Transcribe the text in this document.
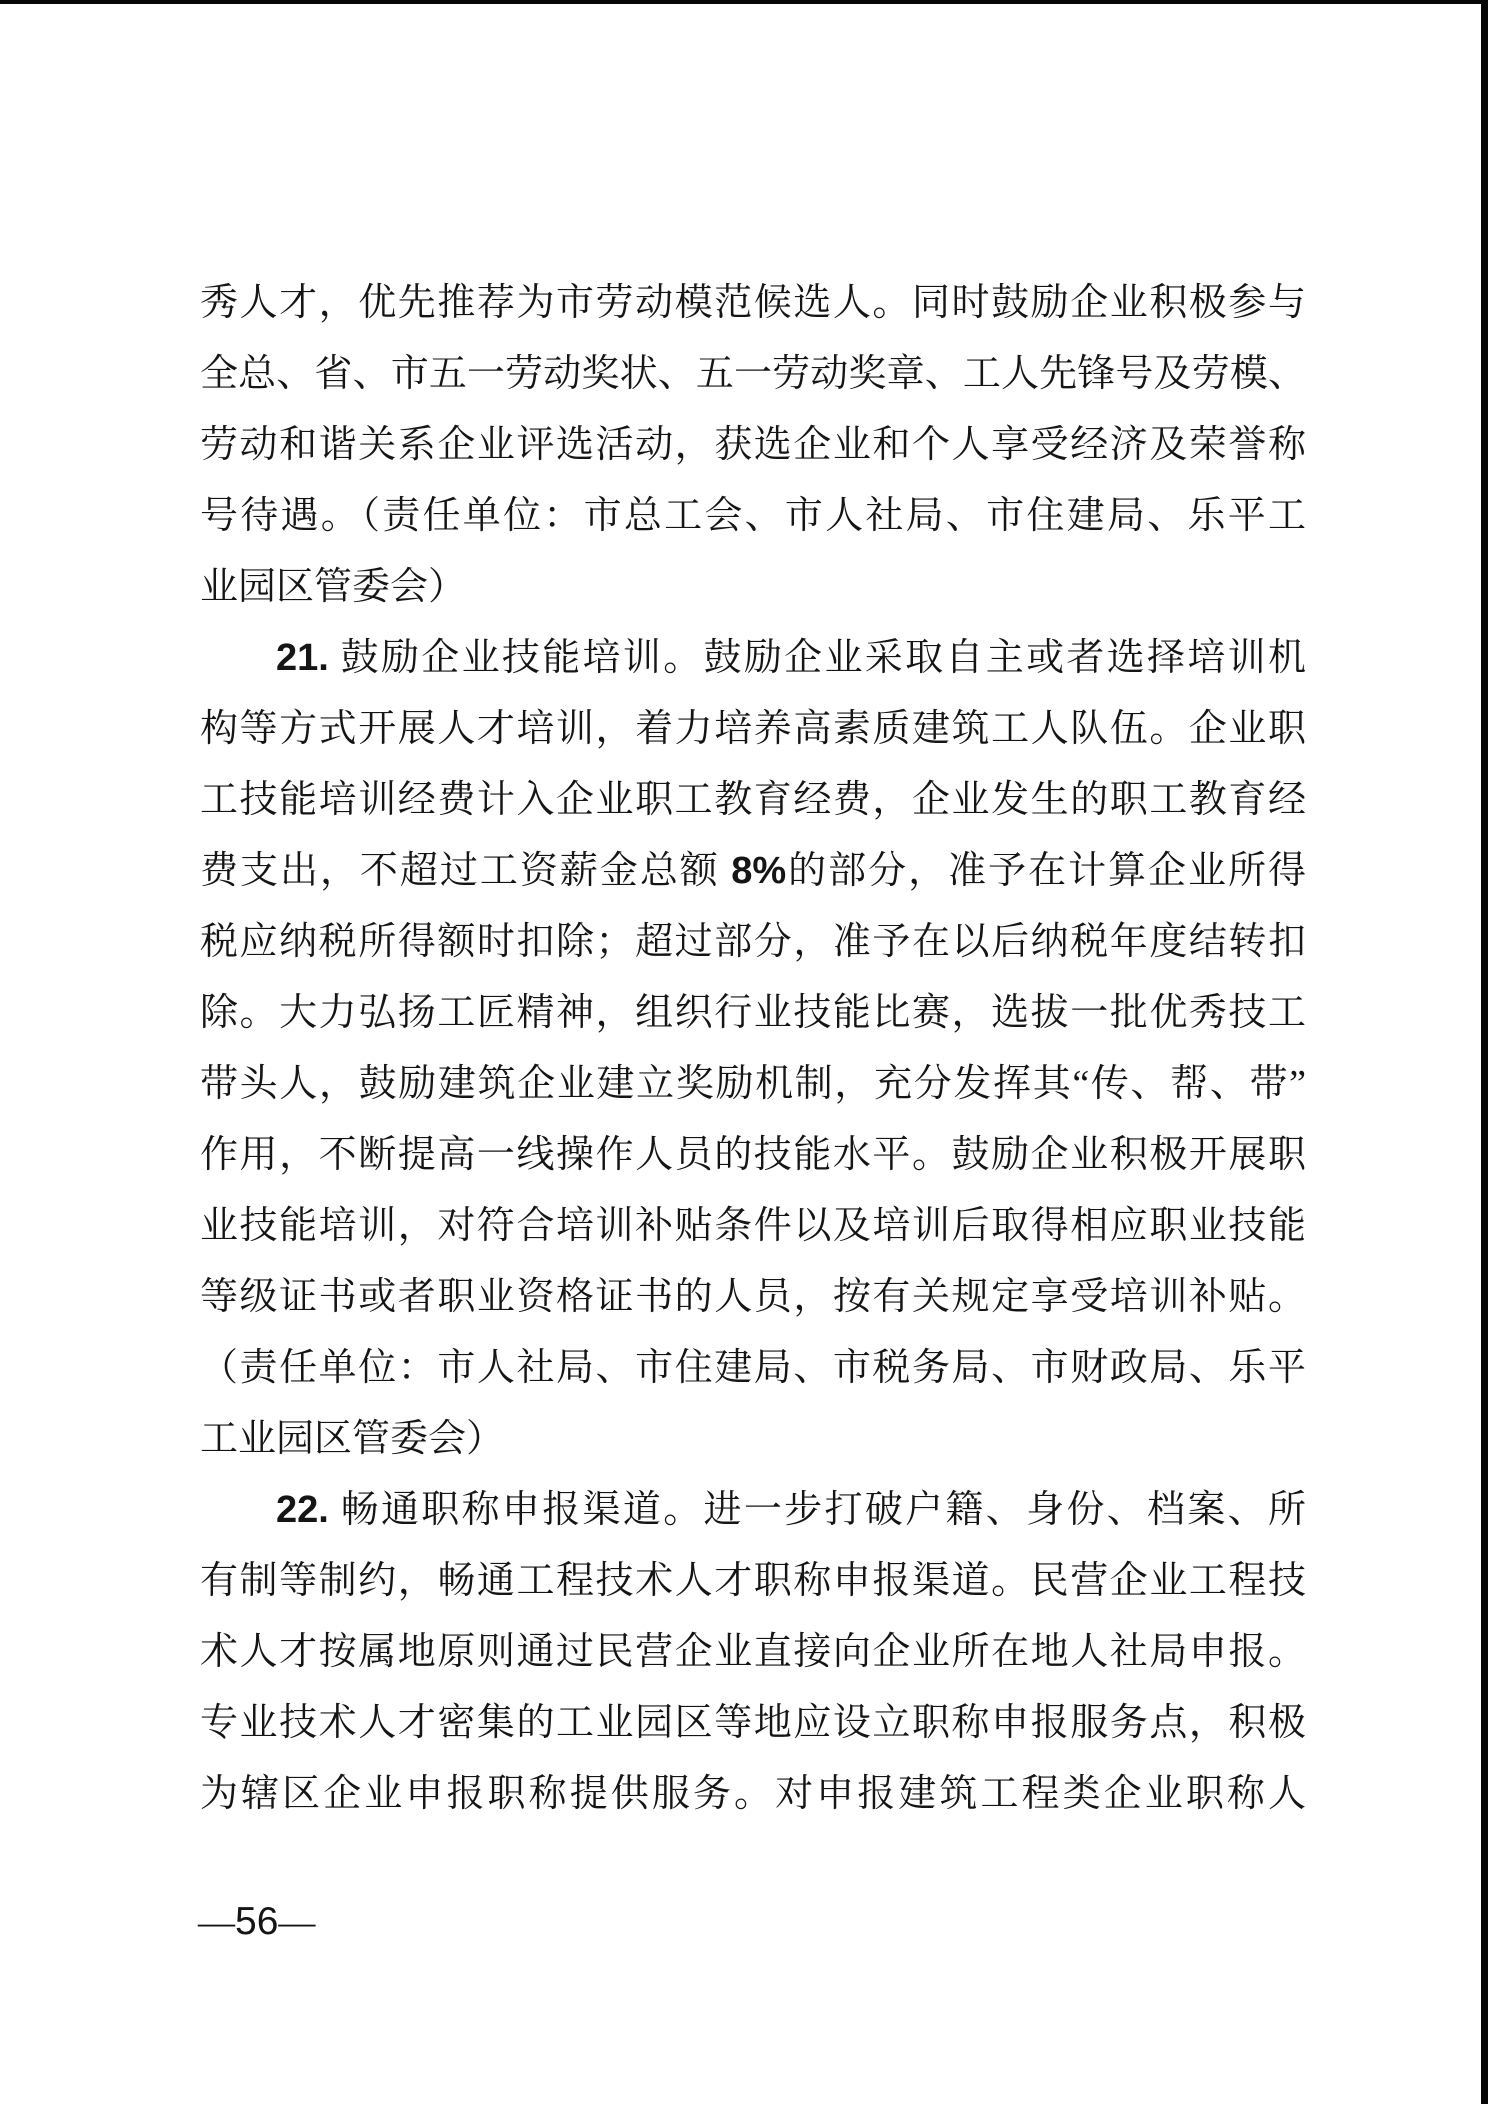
秀人才，优先推荐为市劳动模范候选人。同时鼓励企业积极参与
全总、省、市五一劳动奖状、五一劳动奖章、工人先锋号及劳模、
劳动和谐关系企业评选活动，获选企业和个人享受经济及荣誉称
号待遇。（责任单位：市总工会、市人社局、市住建局、乐平工
业园区管委会）
21. 鼓励企业技能培训。鼓励企业采取自主或者选择培训机
构等方式开展人才培训，着力培养高素质建筑工人队伍。企业职
工技能培训经费计入企业职工教育经费，企业发生的职工教育经
费支出，不超过工资薪金总额 8%的部分，准予在计算企业所得
税应纳税所得额时扣除；超过部分，准予在以后纳税年度结转扣
除。大力弘扬工匠精神，组织行业技能比赛，选拔一批优秀技工
带头人，鼓励建筑企业建立奖励机制，充分发挥其“传、帮、带”
作用，不断提高一线操作人员的技能水平。鼓励企业积极开展职
业技能培训，对符合培训补贴条件以及培训后取得相应职业技能
等级证书或者职业资格证书的人员，按有关规定享受培训补贴。
（责任单位：市人社局、市住建局、市税务局、市财政局、乐平
工业园区管委会）
22. 畅通职称申报渠道。进一步打破户籍、身份、档案、所
有制等制约，畅通工程技术人才职称申报渠道。民营企业工程技
术人才按属地原则通过民营企业直接向企业所在地人社局申报。
专业技术人才密集的工业园区等地应设立职称申报服务点，积极
为辖区企业申报职称提供服务。对申报建筑工程类企业职称人
—56—
